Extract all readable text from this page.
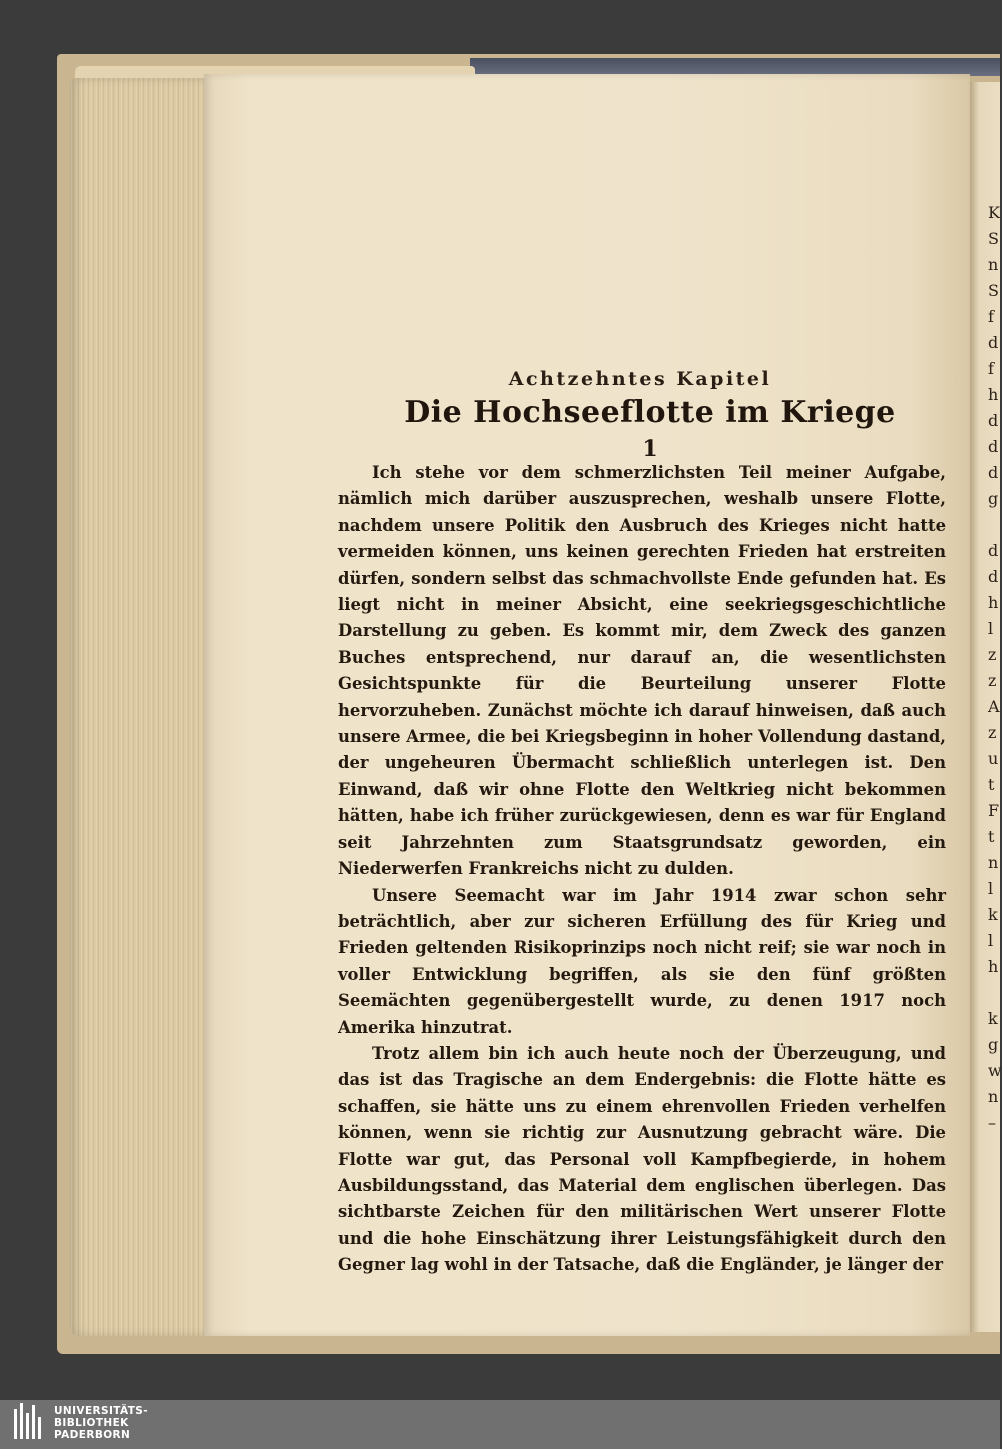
K
S
n
S
f
d
f
h
d
d
d
g
d
d
h
l
z
z
A
z
u
t
F
t
n
l
k
l
h
k
g
w
n
–
Achtzehntes Kapitel
Die Hochseeflotte im Kriege
1

Ich stehe vor dem schmerzlichsten Teil meiner Aufgabe, nämlich mich darüber auszusprechen, weshalb unsere Flotte, nachdem unsere Politik den Ausbruch des Krieges nicht hatte vermeiden können, uns keinen gerechten Frieden hat erstreiten dürfen, sondern selbst das schmachvollste Ende gefunden hat. Es liegt nicht in meiner Absicht, eine seekriegsgeschichtliche Darstellung zu geben. Es kommt mir, dem Zweck des ganzen Buches entsprechend, nur darauf an, die wesentlichsten Gesichtspunkte für die Beurteilung unserer Flotte hervorzuheben. Zunächst möchte ich darauf hinweisen, daß auch unsere Armee, die bei Kriegsbeginn in hoher Vollendung dastand, der ungeheuren Übermacht schließlich unterlegen ist. Den Einwand, daß wir ohne Flotte den Weltkrieg nicht bekommen hätten, habe ich früher zurückgewiesen, denn es war für England seit Jahrzehnten zum Staatsgrundsatz geworden, ein Niederwerfen Frankreichs nicht zu dulden.

Unsere Seemacht war im Jahr 1914 zwar schon sehr beträchtlich, aber zur sicheren Erfüllung des für Krieg und Frieden geltenden Risikoprinzips noch nicht reif; sie war noch in voller Entwicklung begriffen, als sie den fünf größten Seemächten gegenübergestellt wurde, zu denen 1917 noch Amerika hinzutrat.

Trotz allem bin ich auch heute noch der Überzeugung, und das ist das Tragische an dem Endergebnis: die Flotte hätte es schaffen, sie hätte uns zu einem ehrenvollen Frieden verhelfen können, wenn sie richtig zur Ausnutzung gebracht wäre. Die Flotte war gut, das Personal voll Kampfbegierde, in hohem Ausbildungsstand, das Material dem englischen überlegen. Das sichtbarste Zeichen für den militärischen Wert unserer Flotte und die hohe Einschätzung ihrer Leistungsfähigkeit durch den Gegner lag wohl in der Tatsache, daß die Engländer, je länger der

UNIVERSITÄTS-
BIBLIOTHEK
PADERBORN
